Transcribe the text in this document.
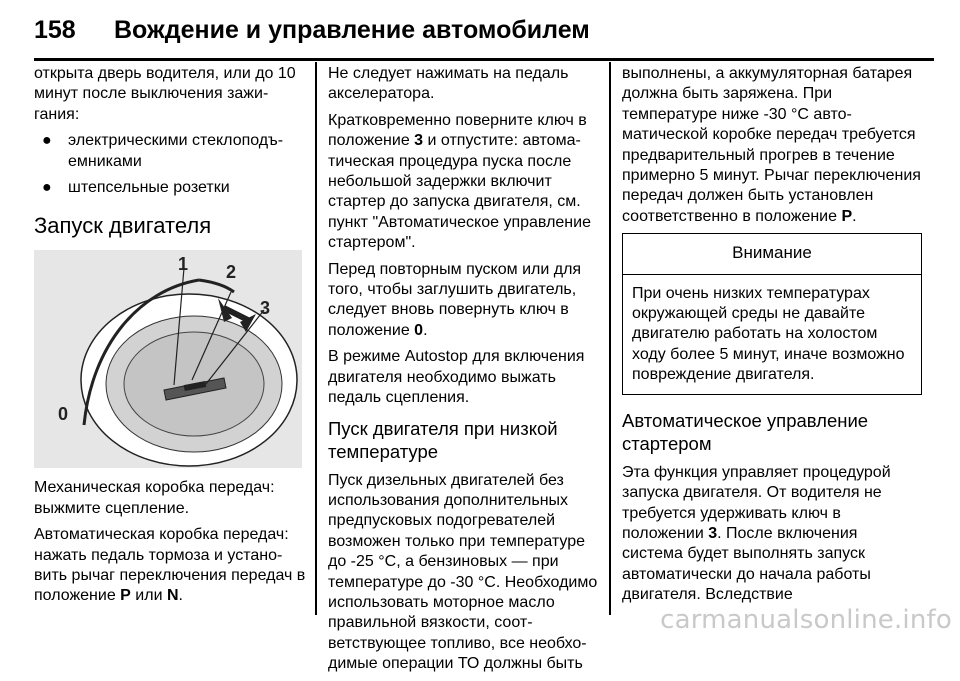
158	Вождение и управление автомобилем

открыта дверь водителя, или до 10 минут после выключения зажигания:

●	электрическими стеклоподъемниками
●	штепсельные розетки
Запуск двигателя
0
1 2
3

Механическая коробка передач: выжмите сцепление.

Автоматическая коробка передач: нажать педаль тормоза и установить рычаг переключения передач в положение P или N.

Не следует нажимать на педаль акселератора.

Кратковременно поверните ключ в положение 3 и отпустите: автоматическая процедура пуска после небольшой задержки включит стартер до запуска двигателя, см. пункт "Автоматическое управление стартером".

Перед повторным пуском или для того, чтобы заглушить двигатель, следует вновь повернуть ключ в положение 0.

В режиме Autostop для включения двигателя необходимо выжать педаль сцепления.

Пуск двигателя при низкой температуре

Пуск дизельных двигателей без использования дополнительных предпусковых подогревателей возможен только при температуре до -25 °C, а бензиновых — при температуре до -30 °C. Необходимо использовать моторное масло правильной вязкости, соответствующее топливо, все необходимые операции ТО должны быть

выполнены, а аккумуляторная батарея должна быть заряжена. При температуре ниже -30 °C автоматической коробке передач требуется предварительный прогрев в течение примерно 5 минут. Рычаг переключения передач должен быть установлен соответственно в положение P.

Внимание
При очень низких температурах окружающей среды не давайте двигателю работать на холостом ходу более 5 минут, иначе возможно повреждение двигателя.
Автоматическое управление стартером

Эта функция управляет процедурой запуска двигателя. От водителя не требуется удерживать ключ в положении 3. После включения система будет выполнять запуск автоматически до начала работы двигателя. Вследствие

carmanualsonline.info
